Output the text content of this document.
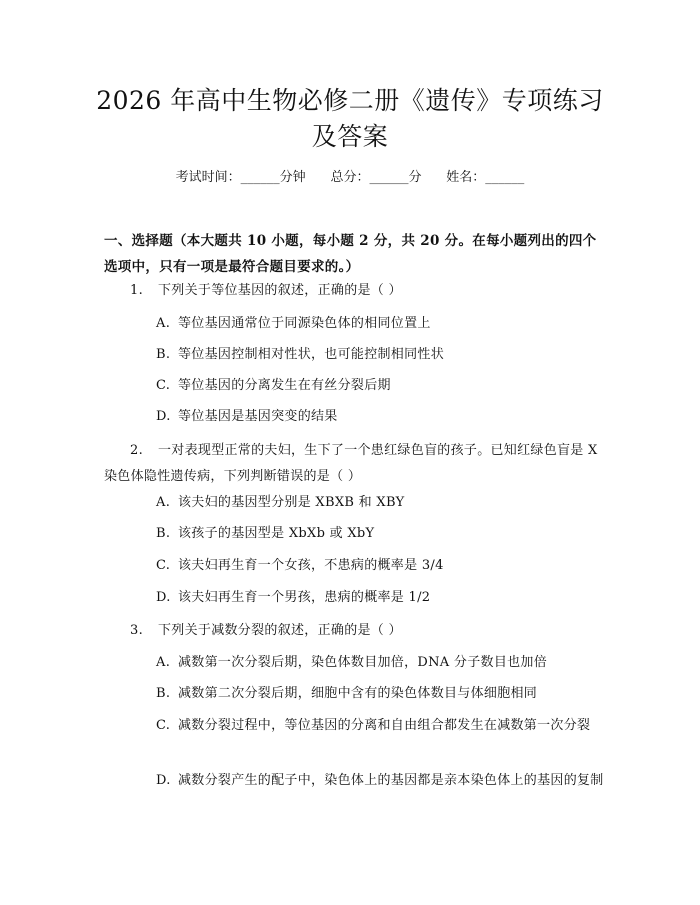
2026 年高中生物必修二册《遗传》专项练习
及答案
考试时间：______分钟 总分：______分 姓名：______
一、选择题（本大题共 10 小题，每小题 2 分，共 20 分。在每小题列出的四个选项中，只有一项是最符合题目要求的。）
1. 下列关于等位基因的叙述，正确的是（ ）
A. 等位基因通常位于同源染色体的相同位置上
B. 等位基因控制相对性状，也可能控制相同性状
C. 等位基因的分离发生在有丝分裂后期
D. 等位基因是基因突变的结果
2. 一对表现型正常的夫妇，生下了一个患红绿色盲的孩子。已知红绿色盲是 X 染色体隐性遗传病，下列判断错误的是（ ）
A. 该夫妇的基因型分别是 XBXB 和 XBY
B. 该孩子的基因型是 XbXb 或 XbY
C. 该夫妇再生育一个女孩，不患病的概率是 3/4
D. 该夫妇再生育一个男孩，患病的概率是 1/2
3. 下列关于减数分裂的叙述，正确的是（ ）
A. 减数第一次分裂后期，染色体数目加倍，DNA 分子数目也加倍
B. 减数第二次分裂后期，细胞中含有的染色体数目与体细胞相同
C. 减数分裂过程中，等位基因的分离和自由组合都发生在减数第一次分裂
D. 减数分裂产生的配子中，染色体上的基因都是亲本染色体上的基因的复制
